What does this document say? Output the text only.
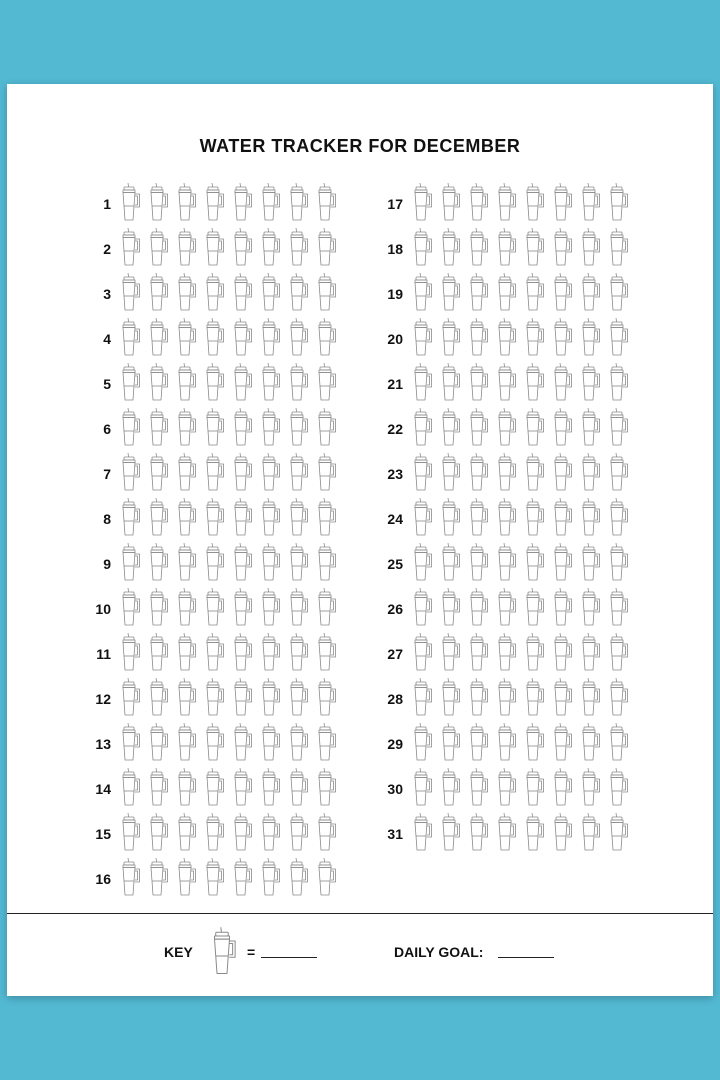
WATER TRACKER FOR DECEMBER
1
2
3
4
5
6
7
8
9
10
11
12
13
14
15
16
17
18
19
20
21
22
23
24
25
26
27
28
29
30
31
KEY	=	DAILY GOAL:
